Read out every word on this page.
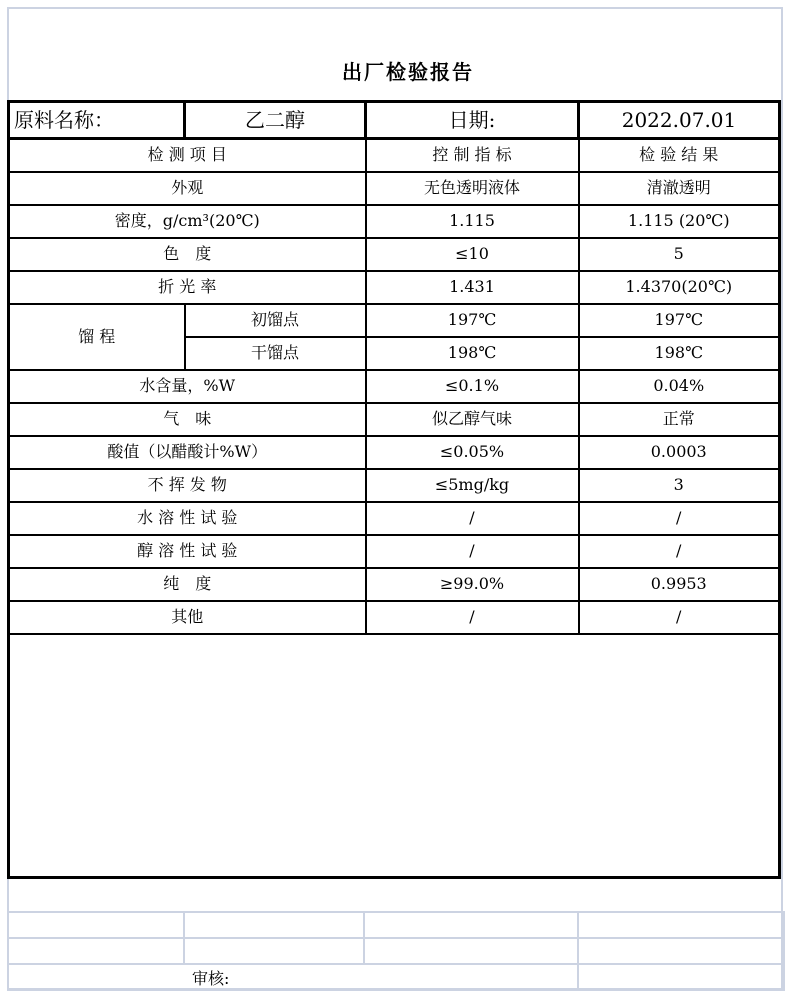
出厂检验报告
原料名称：	乙二醇	日期:	2022.07.01
检 测 项 目		控 制 指 标	检 验 结 果
外观		无色透明液体	清澈透明
密度，g/cm³(20℃)		1.115	1.115 (20℃)
色　度		≤10	5
折 光 率		1.431	1.4370(20℃)
馏 程	初馏点	197℃	197℃
	干馏点	198℃	198℃
水含量，%W		≤0.1%	0.04%
气　味		似乙醇气味	正常
酸值（以醋酸计%W）		≤0.05%	0.0003
不 挥 发 物		≤5mg/kg	3
水 溶 性 试 验		/	/
醇 溶 性 试 验		/	/
纯　度		≥99.0%	0.9953
其他		/	/

审核:			
